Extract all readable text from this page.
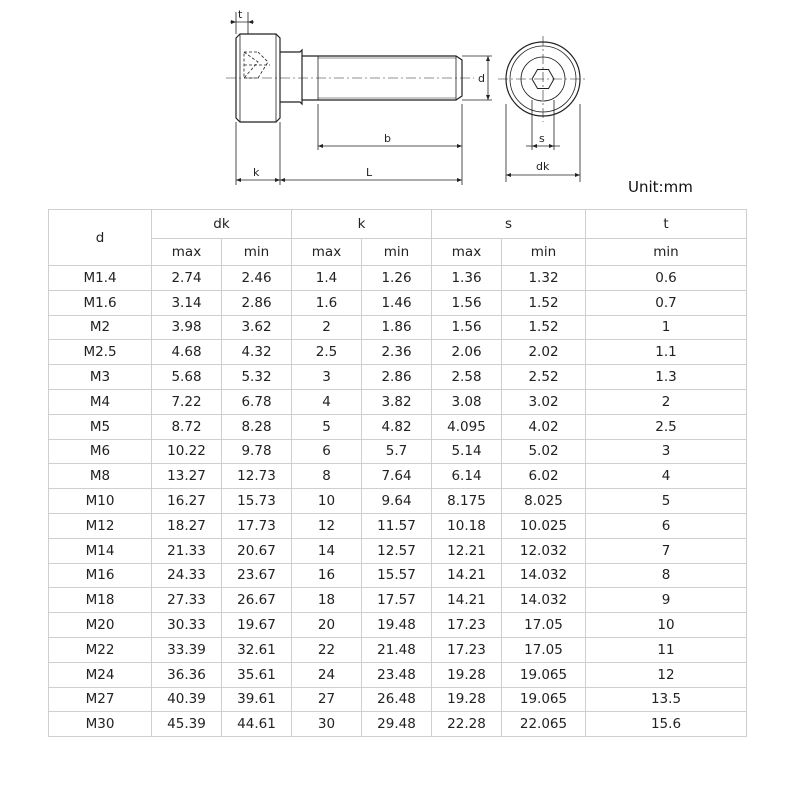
t
d
b
k	L
s
dk
Unit:mm
d	dk		k		s		t
	max	min	max	min	max	min	min
M1.4	2.74	2.46	1.4	1.26	1.36	1.32	0.6
M1.6	3.14	2.86	1.6	1.46	1.56	1.52	0.7
M2	3.98	3.62	2	1.86	1.56	1.52	1
M2.5	4.68	4.32	2.5	2.36	2.06	2.02	1.1
M3	5.68	5.32	3	2.86	2.58	2.52	1.3
M4	7.22	6.78	4	3.82	3.08	3.02	2
M5	8.72	8.28	5	4.82	4.095	4.02	2.5
M6	10.22	9.78	6	5.7	5.14	5.02	3
M8	13.27	12.73	8	7.64	6.14	6.02	4
M10	16.27	15.73	10	9.64	8.175	8.025	5
M12	18.27	17.73	12	11.57	10.18	10.025	6
M14	21.33	20.67	14	12.57	12.21	12.032	7
M16	24.33	23.67	16	15.57	14.21	14.032	8
M18	27.33	26.67	18	17.57	14.21	14.032	9
M20	30.33	19.67	20	19.48	17.23	17.05	10
M22	33.39	32.61	22	21.48	17.23	17.05	11
M24	36.36	35.61	24	23.48	19.28	19.065	12
M27	40.39	39.61	27	26.48	19.28	19.065	13.5
M30	45.39	44.61	30	29.48	22.28	22.065	15.6
